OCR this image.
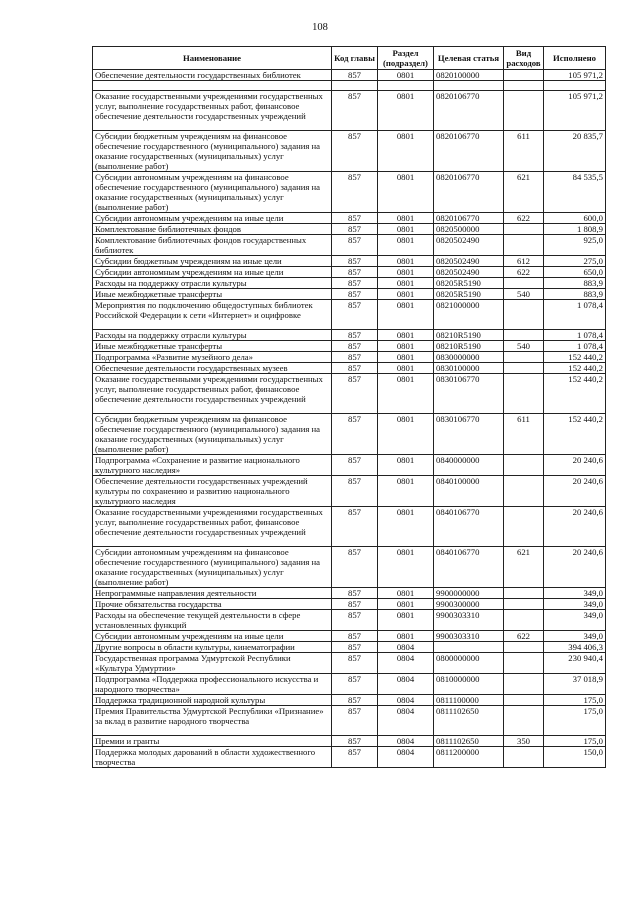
108
Наименование	Код главы	Раздел (подраздел)	Целевая статья	Вид расходов	Исполнено
Обеспечение деятельности государственных библиотек	857	0801	0820100000		105 971,2

Оказание государственными учреждениями государственных услуг, выполнение государственных работ, финансовое обеспечение деятельности государственных учреждений	857	0801	0820106770		105 971,2
Субсидии бюджетным учреждениям на финансовое обеспечение государственного (муниципального) задания на оказание государственных (муниципальных) услуг (выполнение работ)	857	0801	0820106770	611	20 835,7
Субсидии автономным учреждениям на финансовое обеспечение государственного (муниципального) задания на оказание государственных (муниципальных) услуг (выполнение работ)	857	0801	0820106770	621	84 535,5
Субсидии автономным учреждениям на иные цели	857	0801	0820106770	622	600,0
Комплектование библиотечных фондов	857	0801	0820500000		1 808,9
Комплектование библиотечных фондов государственных библиотек	857	0801	0820502490		925,0
Субсидии бюджетным учреждениям на иные цели	857	0801	0820502490	612	275,0
Субсидии автономным учреждениям на иные цели	857	0801	0820502490	622	650,0
Расходы на поддержку отрасли культуры	857	0801	08205R5190		883,9
Иные межбюджетные трансферты	857	0801	08205R5190	540	883,9
Мероприятия по подключению общедоступных библиотек Российской Федерации к сети «Интернет» и оцифровке	857	0801	0821000000		1 078,4
Расходы на поддержку отрасли культуры	857	0801	08210R5190		1 078,4
Иные межбюджетные трансферты	857	0801	08210R5190	540	1 078,4
Подпрограмма «Развитие музейного дела»	857	0801	0830000000		152 440,2
Обеспечение деятельности государственных музеев	857	0801	0830100000		152 440,2
Оказание государственными учреждениями государственных услуг, выполнение государственных работ, финансовое обеспечение деятельности государственных учреждений	857	0801	0830106770		152 440,2
Субсидии бюджетным учреждениям на финансовое обеспечение государственного (муниципального) задания на оказание государственных (муниципальных) услуг (выполнение работ)	857	0801	0830106770	611	152 440,2
Подпрограмма «Сохранение и развитие национального культурного наследия»	857	0801	0840000000		20 240,6
Обеспечение деятельности государственных учреждений культуры по сохранению и развитию национального культурного наследия	857	0801	0840100000		20 240,6
Оказание государственными учреждениями государственных услуг, выполнение государственных работ, финансовое обеспечение деятельности государственных учреждений	857	0801	0840106770		20 240,6
Субсидии автономным учреждениям на финансовое обеспечение государственного (муниципального) задания на оказание государственных (муниципальных) услуг (выполнение работ)	857	0801	0840106770	621	20 240,6
Непрограммные направления деятельности	857	0801	9900000000		349,0
Прочие обязательства государства	857	0801	9900300000		349,0
Расходы на обеспечение текущей деятельности в сфере установленных функций	857	0801	9900303310		349,0
Субсидии автономным учреждениям на иные цели	857	0801	9900303310	622	349,0
Другие вопросы в области культуры, кинематографии	857	0804			394 406,3
Государственная программа Удмуртской Республики «Культура Удмуртии»	857	0804	0800000000		230 940,4
Подпрограмма «Поддержка профессионального искусства и народного творчества»	857	0804	0810000000		37 018,9
Поддержка традиционной народной культуры	857	0804	0811100000		175,0
Премия Правительства Удмуртской Республики «Признание» за вклад в развитие народного творчества	857	0804	0811102650		175,0
Премии и гранты	857	0804	0811102650	350	175,0
Поддержка молодых дарований в области художественного творчества	857	0804	0811200000		150,0
